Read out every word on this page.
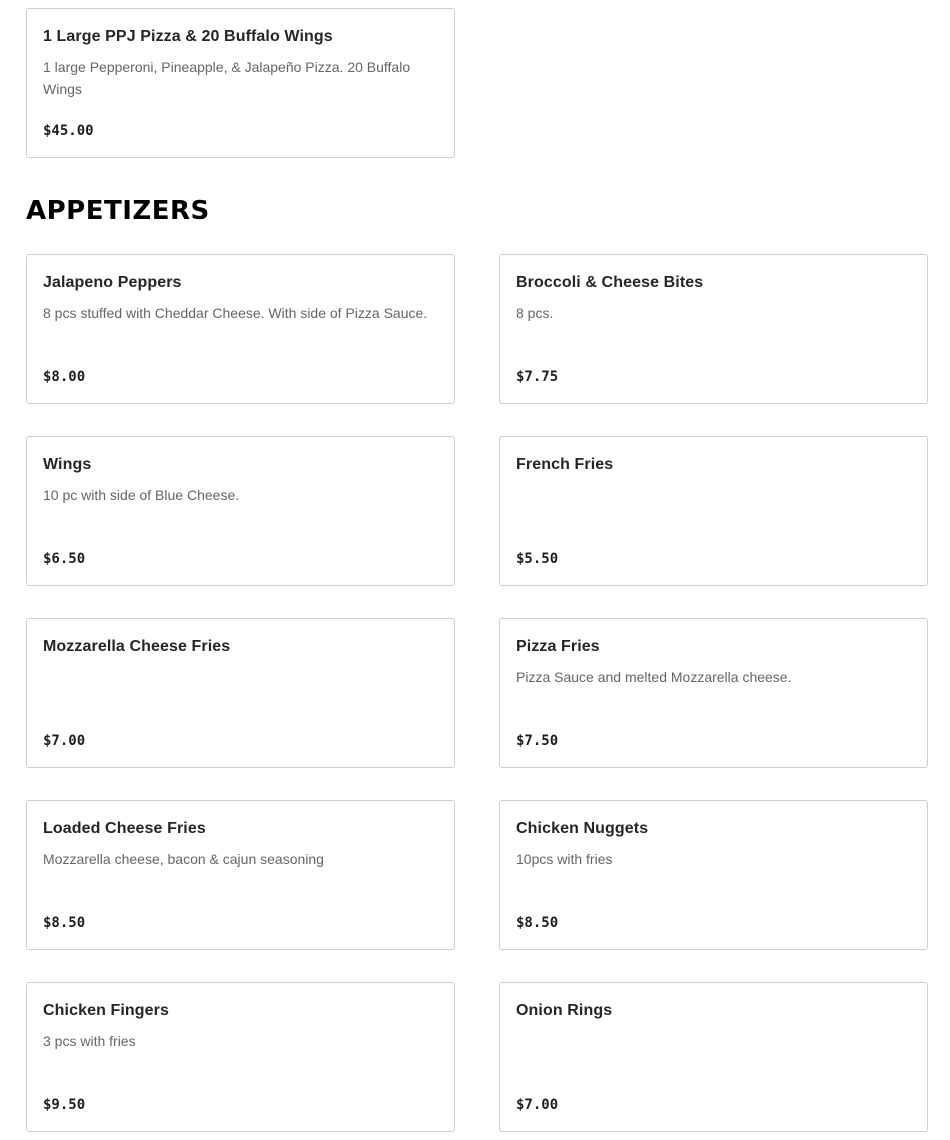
1 Large PPJ Pizza & 20 Buffalo Wings
1 large Pepperoni, Pineapple, & Jalapeño Pizza. 20 Buffalo Wings
$45.00
APPETIZERS
Jalapeno Peppers
8 pcs stuffed with Cheddar Cheese. With side of Pizza Sauce.
$8.00
Broccoli & Cheese Bites
8 pcs.
$7.75
Wings
10 pc with side of Blue Cheese.
$6.50
French Fries
$5.50
Mozzarella Cheese Fries
$7.00
Pizza Fries
Pizza Sauce and melted Mozzarella cheese.
$7.50
Loaded Cheese Fries
Mozzarella cheese, bacon & cajun seasoning
$8.50
Chicken Nuggets
10pcs with fries
$8.50
Chicken Fingers
3 pcs with fries
$9.50
Onion Rings
$7.00
